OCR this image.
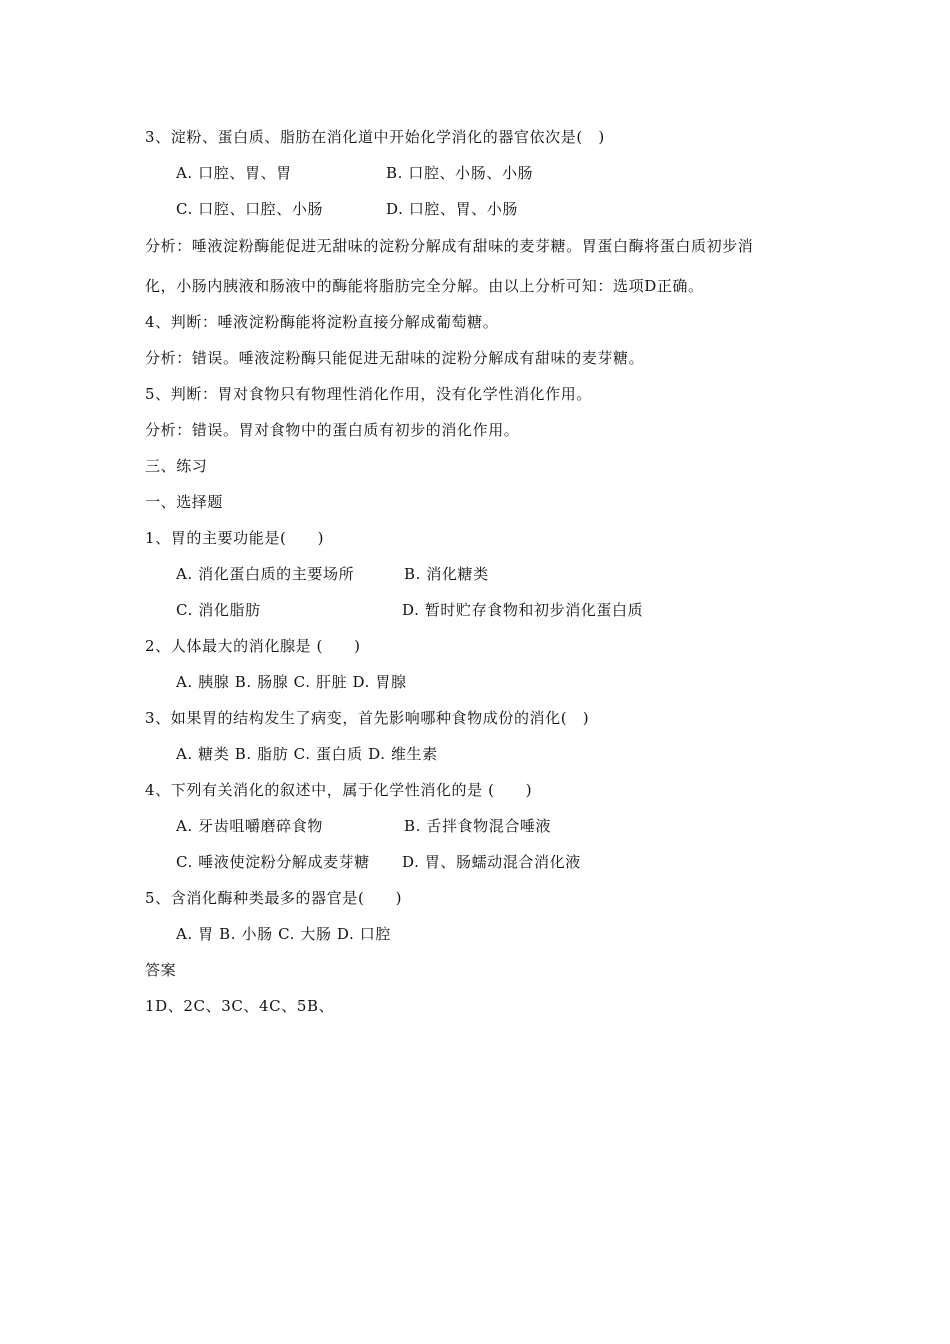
3、淀粉、蛋白质、脂肪在消化道中开始化学消化的器官依次是(　)
A. 口腔、胃、胃	B. 口腔、小肠、小肠
C. 口腔、口腔、小肠	D. 口腔、胃、小肠
分析：唾液淀粉酶能促进无甜味的淀粉分解成有甜味的麦芽糖。胃蛋白酶将蛋白质初步消
化，小肠内胰液和肠液中的酶能将脂肪完全分解。由以上分析可知：选项D正确。
4、判断：唾液淀粉酶能将淀粉直接分解成葡萄糖。
分析：错误。唾液淀粉酶只能促进无甜味的淀粉分解成有甜味的麦芽糖。
5、判断：胃对食物只有物理性消化作用，没有化学性消化作用。
分析：错误。胃对食物中的蛋白质有初步的消化作用。
三、练习
一、选择题
1、胃的主要功能是(　　)
A. 消化蛋白质的主要场所	B. 消化糖类
C. 消化脂肪	D. 暂时贮存食物和初步消化蛋白质
2、人体最大的消化腺是 (　　)
A. 胰腺 B. 肠腺 C. 肝脏 D. 胃腺
3、如果胃的结构发生了病变，首先影响哪种食物成份的消化(　)
A. 糖类 B. 脂肪 C. 蛋白质 D. 维生素
4、下列有关消化的叙述中，属于化学性消化的是 (　　)
A. 牙齿咀嚼磨碎食物	B. 舌拌食物混合唾液
C. 唾液使淀粉分解成麦芽糖 D. 胃、肠蠕动混合消化液
5、含消化酶种类最多的器官是(　　)
A. 胃 B. 小肠 C. 大肠 D. 口腔
答案
1D、2C、3C、4C、5B、
